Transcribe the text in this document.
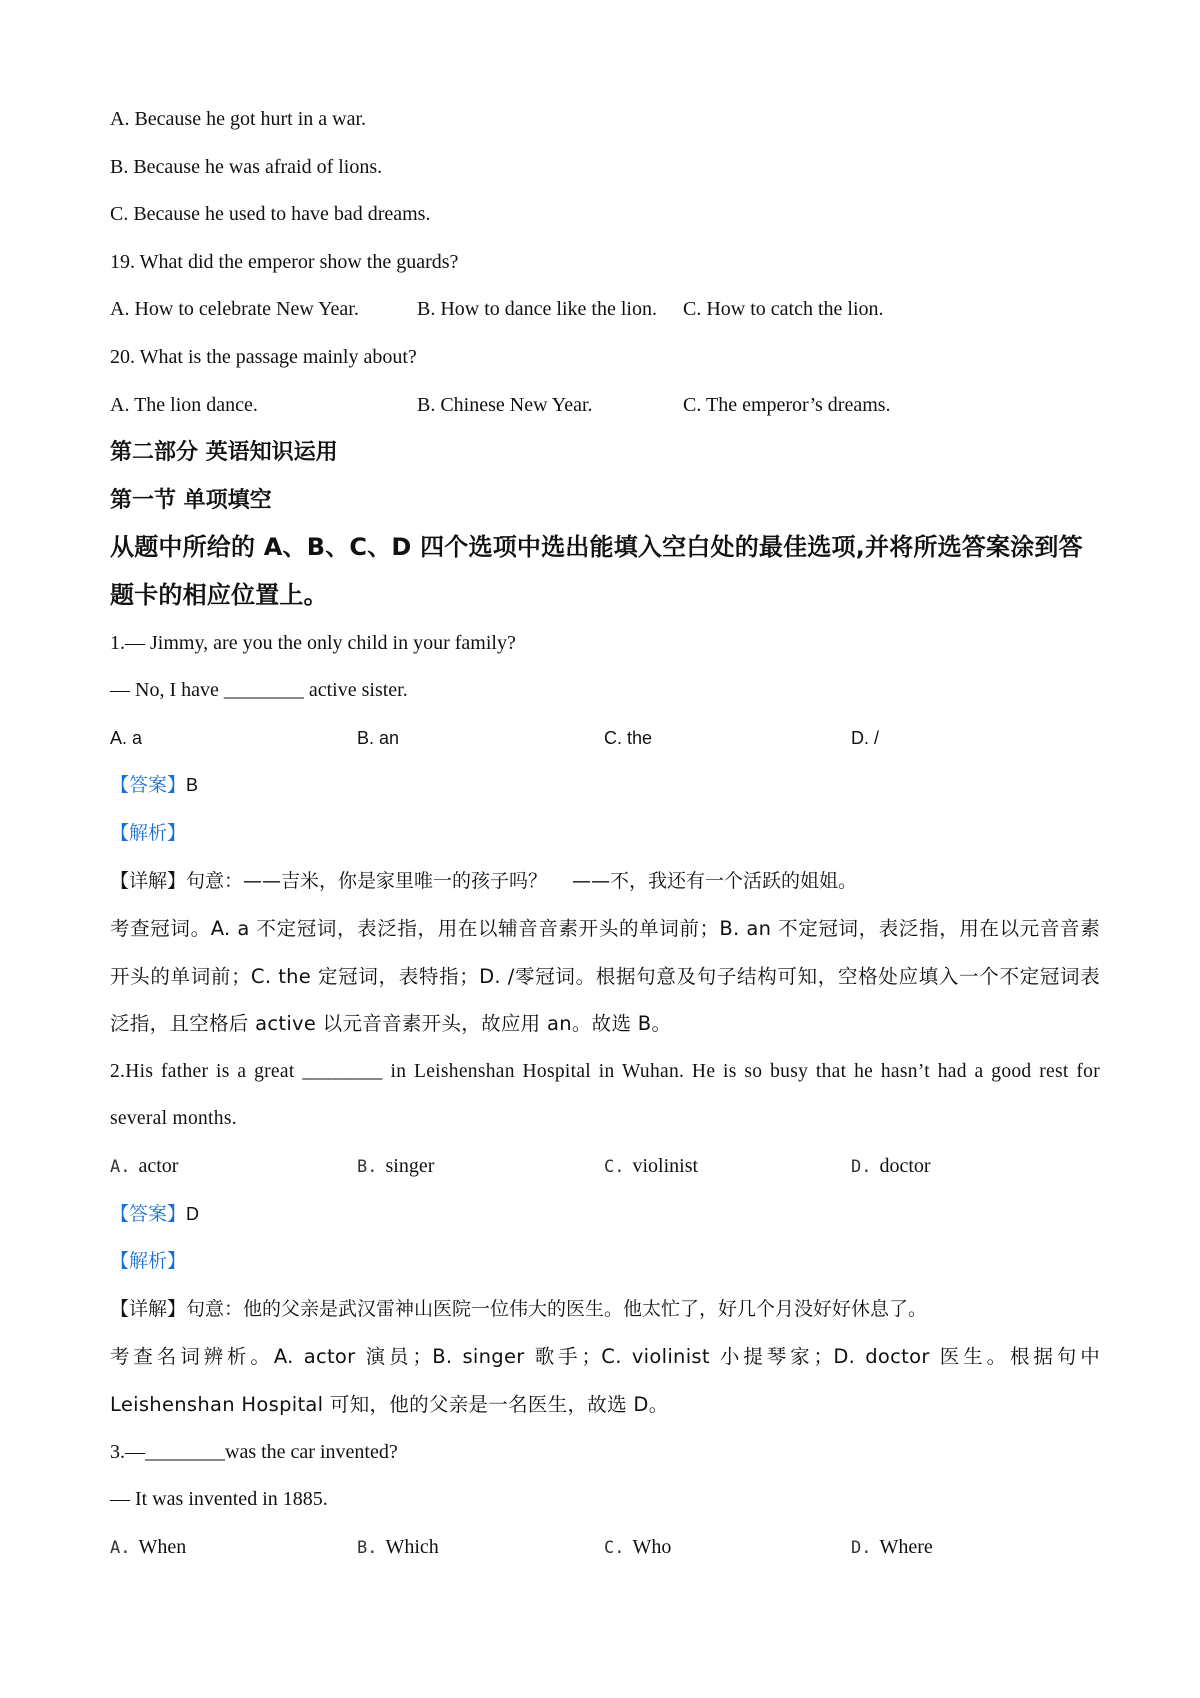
A. Because he got hurt in a war.
B. Because he was afraid of lions.
C. Because he used to have bad dreams.
19. What did the emperor show the guards?
A. How to celebrate New Year.	B. How to dance like the lion.	C. How to catch the lion.
20. What is the passage mainly about?
A. The lion dance.	B. Chinese New Year.	C. The emperor’s dreams.
第二部分 英语知识运用
第一节 单项填空
从题中所给的 A、B、C、D 四个选项中选出能填入空白处的最佳选项,并将所选答案涂到答题卡的相应位置上。
1.— Jimmy, are you the only child in your family?
— No, I have ________ active sister.
A. a	B. an	C. the	D. /
【答案】B
【解析】
【详解】句意：——吉米，你是家里唯一的孩子吗？　 ——不，我还有一个活跃的姐姐。
考查冠词。A. a 不定冠词，表泛指，用在以辅音音素开头的单词前；B. an 不定冠词，表泛指，用在以元音音素开头的单词前；C. the 定冠词，表特指；D. /零冠词。根据句意及句子结构可知，空格处应填入一个不定冠词表泛指，且空格后 active 以元音音素开头，故应用 an。故选 B。
2.His father is a great ________ in Leishenshan Hospital in Wuhan. He is so busy that he hasn’t had a good rest for several months.
A. actor	B. singer	C. violinist	D. doctor
【答案】D
【解析】
【详解】句意：他的父亲是武汉雷神山医院一位伟大的医生。他太忙了，好几个月没好好休息了。
考查名词辨析。A. actor 演员；B. singer 歌手；C. violinist 小提琴家；D. doctor 医生。根据句中 Leishenshan Hospital 可知，他的父亲是一名医生，故选 D。
3.—________was the car invented?
— It was invented in 1885.
A. When	B. Which	C. Who	D. Where
